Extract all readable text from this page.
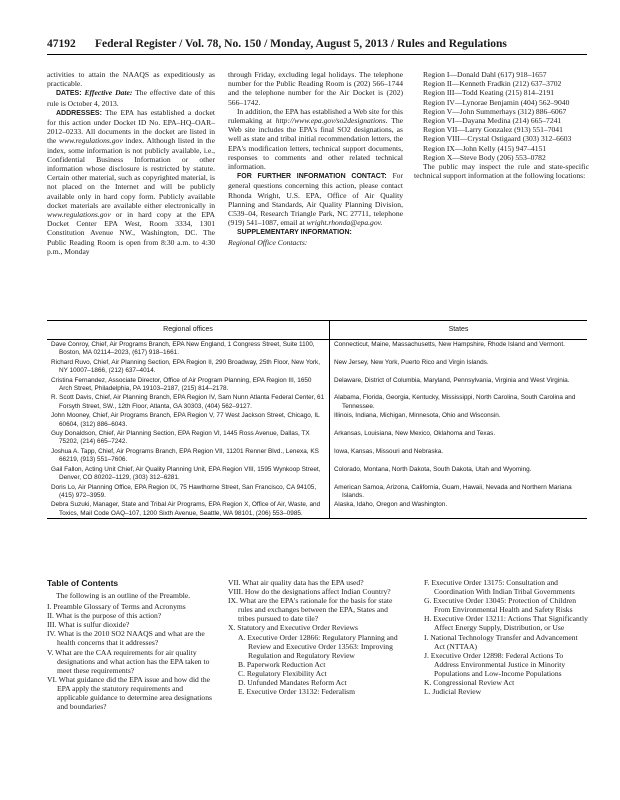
47192 Federal Register / Vol. 78, No. 150 / Monday, August 5, 2013 / Rules and Regulations

activities to attain the NAAQS as expeditiously as practicable.

DATES: Effective Date: The effective date of this rule is October 4, 2013.

ADDRESSES: The EPA has established a docket for this action under Docket ID No. EPA–HQ–OAR–2012–0233. All documents in the docket are listed in the www.regulations.gov index. Although listed in the index, some information is not publicly available, i.e., Confidential Business Information or other information whose disclosure is restricted by statute. Certain other material, such as copyrighted material, is not placed on the Internet and will be publicly available only in hard copy form. Publicly available docket materials are available either electronically in www.regulations.gov or in hard copy at the EPA Docket Center EPA West, Room 3334, 1301 Constitution Avenue NW., Washington, DC. The Public Reading Room is open from 8:30 a.m. to 4:30 p.m., Monday

through Friday, excluding legal holidays. The telephone number for the Public Reading Room is (202) 566–1744 and the telephone number for the Air Docket is (202) 566–1742.

In addition, the EPA has established a Web site for this rulemaking at http://www.epa.gov/so2designations. The Web site includes the EPA's final SO2 designations, as well as state and tribal initial recommendation letters, the EPA's modification letters, technical support documents, responses to comments and other related technical information.

FOR FURTHER INFORMATION CONTACT: For general questions concerning this action, please contact Rhonda Wright, U.S. EPA, Office of Air Quality Planning and Standards, Air Quality Planning Division, C539–04, Research Triangle Park, NC 27711, telephone (919) 541–1087, email at wright.rhonda@epa.gov.

SUPPLEMENTARY INFORMATION:
Regional Office Contacts:

Region I—Donald Dahl (617) 918–1657

Region II—Kenneth Fradkin (212) 637–3702

Region III—Todd Keating (215) 814–2191

Region IV—Lynorae Benjamin (404) 562–9040

Region V—John Summerhays (312) 886–6067

Region VI—Dayana Medina (214) 665–7241

Region VII—Larry Gonzalez (913) 551–7041

Region VIII—Crystal Ostigaard (303) 312–6603

Region IX—John Kelly (415) 947–4151

Region X—Steve Body (206) 553–0782

The public may inspect the rule and state-specific technical support information at the following locations:

Regional offices	States

Dave Conroy, Chief, Air Programs Branch, EPA New England, 1 Congress Street, Suite 1100, Boston, MA 02114–2023, (617) 918–1661.	Connecticut, Maine, Massachusetts, New Hampshire, Rhode Island and Vermont.

Richard Ruvo, Chief, Air Planning Section, EPA Region II, 290 Broadway, 25th Floor, New York, NY 10007–1866, (212) 637–4014.	New Jersey, New York, Puerto Rico and Virgin Islands.

Cristina Fernandez, Associate Director, Office of Air Program Planning, EPA Region III, 1650 Arch Street, Philadelphia, PA 19103–2187, (215) 814–2178.	Delaware, District of Columbia, Maryland, Pennsylvania, Virginia and West Virginia.

R. Scott Davis, Chief, Air Planning Branch, EPA Region IV, Sam Nunn Atlanta Federal Center, 61 Forsyth Street, SW., 12th Floor, Atlanta, GA 30303, (404) 562–9127.	Alabama, Florida, Georgia, Kentucky, Mississippi, North Carolina, South Carolina and Tennessee.

John Mooney, Chief, Air Programs Branch, EPA Region V, 77 West Jackson Street, Chicago, IL 60604, (312) 886–6043.	Illinois, Indiana, Michigan, Minnesota, Ohio and Wisconsin.

Guy Donaldson, Chief, Air Planning Section, EPA Region VI, 1445 Ross Avenue, Dallas, TX 75202, (214) 665–7242.	Arkansas, Louisiana, New Mexico, Oklahoma and Texas.

Joshua A. Tapp, Chief, Air Programs Branch, EPA Region VII, 11201 Renner Blvd., Lenexa, KS 66219, (913) 551–7606.	Iowa, Kansas, Missouri and Nebraska.

Gail Fallon, Acting Unit Chief, Air Quality Planning Unit, EPA Region VIII, 1595 Wynkoop Street, Denver, CO 80202–1129, (303) 312–6281.	Colorado, Montana, North Dakota, South Dakota, Utah and Wyoming.

Doris Lo, Air Planning Office, EPA Region IX, 75 Hawthorne Street, San Francisco, CA 94105, (415) 972–3959.	American Samoa, Arizona, California, Guam, Hawaii, Nevada and Northern Mariana Islands.

Debra Suzuki, Manager, State and Tribal Air Programs, EPA Region X, Office of Air, Waste, and Toxics, Mail Code OAQ–107, 1200 Sixth Avenue, Seattle, WA 98101, (206) 553–0985.	Alaska, Idaho, Oregon and Washington.
Table of Contents
The following is an outline of the Preamble.
I. Preamble Glossary of Terms and Acronyms
II. What is the purpose of this action?
III. What is sulfur dioxide?
IV. What is the 2010 SO2 NAAQS and what are the health concerns that it addresses?
V. What are the CAA requirements for air quality designations and what action has the EPA taken to meet these requirements?
VI. What guidance did the EPA issue and how did the EPA apply the statutory requirements and applicable guidance to determine area designations and boundaries?
VII. What air quality data has the EPA used?
VIII. How do the designations affect Indian Country?
IX. What are the EPA's rationale for the basis for state rules and exchanges between the EPA, States and tribes pursued to date tile?
X. Statutory and Executive Order Reviews
A. Executive Order 12866: Regulatory Planning and Review and Executive Order 13563: Improving Regulation and Regulatory Review
B. Paperwork Reduction Act
C. Regulatory Flexibility Act
D. Unfunded Mandates Reform Act
E. Executive Order 13132: Federalism
F. Executive Order 13175: Consultation and Coordination With Indian Tribal Governments
G. Executive Order 13045: Protection of Children From Environmental Health and Safety Risks
H. Executive Order 13211: Actions That Significantly Affect Energy Supply, Distribution, or Use
I. National Technology Transfer and Advancement Act (NTTAA)
J. Executive Order 12898: Federal Actions To Address Environmental Justice in Minority Populations and Low-Income Populations
K. Congressional Review Act
L. Judicial Review
